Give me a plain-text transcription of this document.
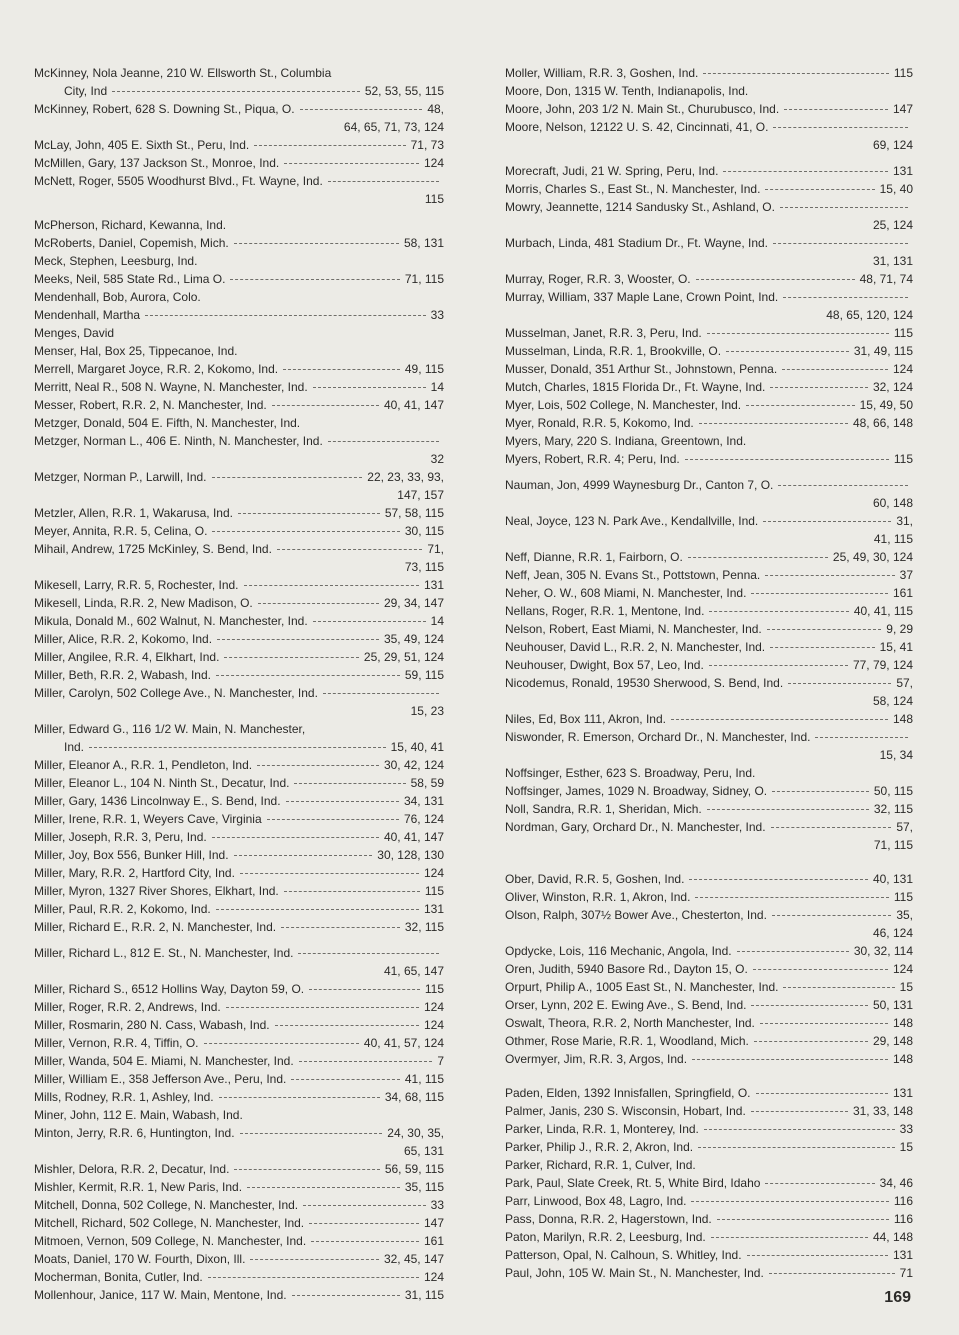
McKinney, Nola Jeanne, 210 W. Ellsworth St., Columbia
City, Ind	52, 53, 55, 115
McKinney, Robert, 628 S. Downing St., Piqua, O.	48,
64, 65, 71, 73, 124
McLay, John, 405 E. Sixth St., Peru, Ind.	71, 73
McMillen, Gary, 137 Jackson St., Monroe, Ind.	124
McNett, Roger, 5505 Woodhurst Blvd., Ft. Wayne, Ind.
115
McPherson, Richard, Kewanna, Ind.
McRoberts, Daniel, Copemish, Mich.	58, 131
Meck, Stephen, Leesburg, Ind.
Meeks, Neil, 585 State Rd., Lima O.	71, 115
Mendenhall, Bob, Aurora, Colo.
Mendenhall, Martha	33
Menges, David
Menser, Hal, Box 25, Tippecanoe, Ind.
Merrell, Margaret Joyce, R.R. 2, Kokomo, Ind.	49, 115
Merritt, Neal R., 508 N. Wayne, N. Manchester, Ind.	14
Messer, Robert, R.R. 2, N. Manchester, Ind.	40, 41, 147
Metzger, Donald, 504 E. Fifth, N. Manchester, Ind.
Metzger, Norman L., 406 E. Ninth, N. Manchester, Ind.
32
Metzger, Norman P., Larwill, Ind.	22, 23, 33, 93,
147, 157
Metzler, Allen, R.R. 1, Wakarusa, Ind.	57, 58, 115
Meyer, Annita, R.R. 5, Celina, O.	30, 115
Mihail, Andrew, 1725 McKinley, S. Bend, Ind.	71,
73, 115
Mikesell, Larry, R.R. 5, Rochester, Ind.	131
Mikesell, Linda, R.R. 2, New Madison, O.	29, 34, 147
Mikula, Donald M., 602 Walnut, N. Manchester, Ind.	14
Miller, Alice, R.R. 2, Kokomo, Ind.	35, 49, 124
Miller, Angilee, R.R. 4, Elkhart, Ind.	25, 29, 51, 124
Miller, Beth, R.R. 2, Wabash, Ind.	59, 115
Miller, Carolyn, 502 College Ave., N. Manchester, Ind.
15, 23
Miller, Edward G., 116 1/2 W. Main, N. Manchester,
Ind.	15, 40, 41
Miller, Eleanor A., R.R. 1, Pendleton, Ind.	30, 42, 124
Miller, Eleanor L., 104 N. Ninth St., Decatur, Ind.	58, 59
Miller, Gary, 1436 Lincolnway E., S. Bend, Ind.	34, 131
Miller, Irene, R.R. 1, Weyers Cave, Virginia	76, 124
Miller, Joseph, R.R. 3, Peru, Ind.	40, 41, 147
Miller, Joy, Box 556, Bunker Hill, Ind.	30, 128, 130
Miller, Mary, R.R. 2, Hartford City, Ind.	124
Miller, Myron, 1327 River Shores, Elkhart, Ind.	115
Miller, Paul, R.R. 2, Kokomo, Ind.	131
Miller, Richard E., R.R. 2, N. Manchester, Ind.	32, 115
Miller, Richard L., 812 E. St., N. Manchester, Ind.
41, 65, 147
Miller, Richard S., 6512 Hollins Way, Dayton 59, O.	115
Miller, Roger, R.R. 2, Andrews, Ind.	124
Miller, Rosmarin, 280 N. Cass, Wabash, Ind.	124
Miller, Vernon, R.R. 4, Tiffin, O.	40, 41, 57, 124
Miller, Wanda, 504 E. Miami, N. Manchester, Ind.	7
Miller, William E., 358 Jefferson Ave., Peru, Ind.	41, 115
Mills, Rodney, R.R. 1, Ashley, Ind.	34, 68, 115
Miner, John, 112 E. Main, Wabash, Ind.
Minton, Jerry, R.R. 6, Huntington, Ind.	24, 30, 35,
65, 131
Mishler, Delora, R.R. 2, Decatur, Ind.	56, 59, 115
Mishler, Kermit, R.R. 1, New Paris, Ind.	35, 115
Mitchell, Donna, 502 College, N. Manchester, Ind.	33
Mitchell, Richard, 502 College, N. Manchester, Ind.	147
Mitmoen, Vernon, 509 College, N. Manchester, Ind.	161
Moats, Daniel, 170 W. Fourth, Dixon, Ill.	32, 45, 147
Mocherman, Bonita, Cutler, Ind.	124
Mollenhour, Janice, 117 W. Main, Mentone, Ind.	31, 115
Moller, William, R.R. 3, Goshen, Ind.	115
Moore, Don, 1315 W. Tenth, Indianapolis, Ind.
Moore, John, 203 1/2 N. Main St., Churubusco, Ind.	147
Moore, Nelson, 12122 U. S. 42, Cincinnati, 41, O.
69, 124
Morecraft, Judi, 21 W. Spring, Peru, Ind.	131
Morris, Charles S., East St., N. Manchester, Ind.	15, 40
Mowry, Jeannette, 1214 Sandusky St., Ashland, O.
25, 124
Murbach, Linda, 481 Stadium Dr., Ft. Wayne, Ind.
31, 131
Murray, Roger, R.R. 3, Wooster, O.	48, 71, 74
Murray, William, 337 Maple Lane, Crown Point, Ind.
48, 65, 120, 124
Musselman, Janet, R.R. 3, Peru, Ind.	115
Musselman, Linda, R.R. 1, Brookville, O.	31, 49, 115
Musser, Donald, 351 Arthur St., Johnstown, Penna.	124
Mutch, Charles, 1815 Florida Dr., Ft. Wayne, Ind.	32, 124
Myer, Lois, 502 College, N. Manchester, Ind.	15, 49, 50
Myer, Ronald, R.R. 5, Kokomo, Ind.	48, 66, 148
Myers, Mary, 220 S. Indiana, Greentown, Ind.
Myers, Robert, R.R. 4; Peru, Ind.	115
Nauman, Jon, 4999 Waynesburg Dr., Canton 7, O.
60, 148
Neal, Joyce, 123 N. Park Ave., Kendallville, Ind.	31,
41, 115
Neff, Dianne, R.R. 1, Fairborn, O.	25, 49, 30, 124
Neff, Jean, 305 N. Evans St., Pottstown, Penna.	37
Neher, O. W., 608 Miami, N. Manchester, Ind.	161
Nellans, Roger, R.R. 1, Mentone, Ind.	40, 41, 115
Nelson, Robert, East Miami, N. Manchester, Ind.	9, 29
Neuhouser, David L., R.R. 2, N. Manchester, Ind.	15, 41
Neuhouser, Dwight, Box 57, Leo, Ind.	77, 79, 124
Nicodemus, Ronald, 19530 Sherwood, S. Bend, Ind.	57,
58, 124
Niles, Ed, Box 111, Akron, Ind.	148
Niswonder, R. Emerson, Orchard Dr., N. Manchester, Ind.
15, 34
Noffsinger, Esther, 623 S. Broadway, Peru, Ind.
Noffsinger, James, 1029 N. Broadway, Sidney, O.	50, 115
Noll, Sandra, R.R. 1, Sheridan, Mich.	32, 115
Nordman, Gary, Orchard Dr., N. Manchester, Ind.	57,
71, 115
Ober, David, R.R. 5, Goshen, Ind.	40, 131
Oliver, Winston, R.R. 1, Akron, Ind.	115
Olson, Ralph, 307½ Bower Ave., Chesterton, Ind.	35,
46, 124
Opdycke, Lois, 116 Mechanic, Angola, Ind.	30, 32, 114
Oren, Judith, 5940 Basore Rd., Dayton 15, O.	124
Orpurt, Philip A., 1005 East St., N. Manchester, Ind.	15
Orser, Lynn, 202 E. Ewing Ave., S. Bend, Ind.	50, 131
Oswalt, Theora, R.R. 2, North Manchester, Ind.	148
Othmer, Rose Marie, R.R. 1, Woodland, Mich.	29, 148
Overmyer, Jim, R.R. 3, Argos, Ind.	148
Paden, Elden, 1392 Innisfallen, Springfield, O.	131
Palmer, Janis, 230 S. Wisconsin, Hobart, Ind.	31, 33, 148
Parker, Linda, R.R. 1, Monterey, Ind.	33
Parker, Philip J., R.R. 2, Akron, Ind.	15
Parker, Richard, R.R. 1, Culver, Ind.
Park, Paul, Slate Creek, Rt. 5, White Bird, Idaho	34, 46
Parr, Linwood, Box 48, Lagro, Ind.	116
Pass, Donna, R.R. 2, Hagerstown, Ind.	116
Paton, Marilyn, R.R. 2, Leesburg, Ind.	44, 148
Patterson, Opal, N. Calhoun, S. Whitley, Ind.	131
Paul, John, 105 W. Main St., N. Manchester, Ind.	71
169
